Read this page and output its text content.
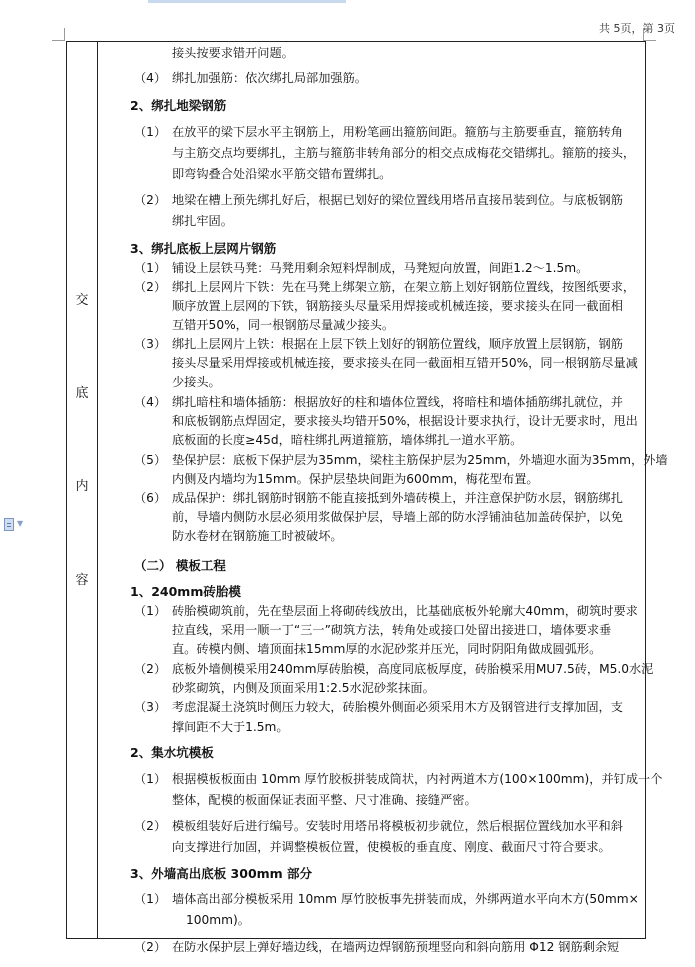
共 5页，第 3页
交
底
内
容
▼
接头按要求错开问题。
（4） 绑扎加强筋：依次绑扎局部加强筋。
2、绑扎地梁钢筋
（1） 在放平的梁下层水平主钢筋上，用粉笔画出箍筋间距。箍筋与主筋要垂直，箍筋转角
与主筋交点均要绑扎，主筋与箍筋非转角部分的相交点成梅花交错绑扎。箍筋的接头，
即弯钩叠合处沿梁水平筋交错布置绑扎。
（2） 地梁在槽上预先绑扎好后，根据已划好的梁位置线用塔吊直接吊装到位。与底板钢筋
绑扎牢固。
3、绑扎底板上层网片钢筋
（1） 铺设上层铁马凳：马凳用剩余短料焊制成，马凳短向放置，间距1.2～1.5m。
（2） 绑扎上层网片下铁：先在马凳上绑架立筋，在架立筋上划好钢筋位置线，按图纸要求，
顺序放置上层网的下铁，钢筋接头尽量采用焊接或机械连接，要求接头在同一截面相
互错开50%，同一根钢筋尽量减少接头。
（3） 绑扎上层网片上铁：根据在上层下铁上划好的钢筋位置线，顺序放置上层钢筋，钢筋
接头尽量采用焊接或机械连接，要求接头在同一截面相互错开50%，同一根钢筋尽量减
少接头。
（4） 绑扎暗柱和墙体插筋：根据放好的柱和墙体位置线，将暗柱和墙体插筋绑扎就位，并
和底板钢筋点焊固定，要求接头均错开50%，根据设计要求执行，设计无要求时，甩出
底板面的长度≥45d，暗柱绑扎两道箍筋，墙体绑扎一道水平筋。
（5） 垫保护层：底板下保护层为35mm，梁柱主筋保护层为25mm，外墙迎水面为35mm，外墙
内侧及内墙均为15mm。保护层垫块间距为600mm，梅花型布置。
（6） 成品保护：绑扎钢筋时钢筋不能直接抵到外墙砖模上，并注意保护防水层，钢筋绑扎
前，导墙内侧防水层必须用浆做保护层，导墙上部的防水浮铺油毡加盖砖保护，以免
防水卷材在钢筋施工时被破坏。
（二） 模板工程
1、240mm砖胎模
（1） 砖胎模砌筑前，先在垫层面上将砌砖线放出，比基础底板外轮廓大40mm，砌筑时要求
拉直线，采用一顺一丁“三一”砌筑方法，转角处或接口处留出接进口，墙体要求垂
直。砖模内侧、墙顶面抹15mm厚的水泥砂浆并压光，同时阴阳角做成圆弧形。
（2） 底板外墙侧模采用240mm厚砖胎模，高度同底板厚度，砖胎模采用MU7.5砖，M5.0水泥
砂浆砌筑，内侧及顶面采用1:2.5水泥砂浆抹面。
（3） 考虑混凝土浇筑时侧压力较大，砖胎模外侧面必须采用木方及钢管进行支撑加固，支
撑间距不大于1.5m。
2、集水坑模板
（1） 根据模板板面由 10mm 厚竹胶板拼装成筒状，内衬两道木方(100×100mm)，并钉成一个
整体，配模的板面保证表面平整、尺寸准确、接缝严密。
（2） 模板组装好后进行编号。安装时用塔吊将模板初步就位，然后根据位置线加水平和斜
向支撑进行加固，并调整模板位置，使模板的垂直度、刚度、截面尺寸符合要求。
3、外墙高出底板 300mm 部分
（1） 墙体高出部分模板采用 10mm 厚竹胶板事先拼装而成，外绑两道水平向木方(50mm×
100mm)。
（2） 在防水保护层上弹好墙边线，在墙两边焊钢筋预埋竖向和斜向筋用 Φ12 钢筋剩余短
